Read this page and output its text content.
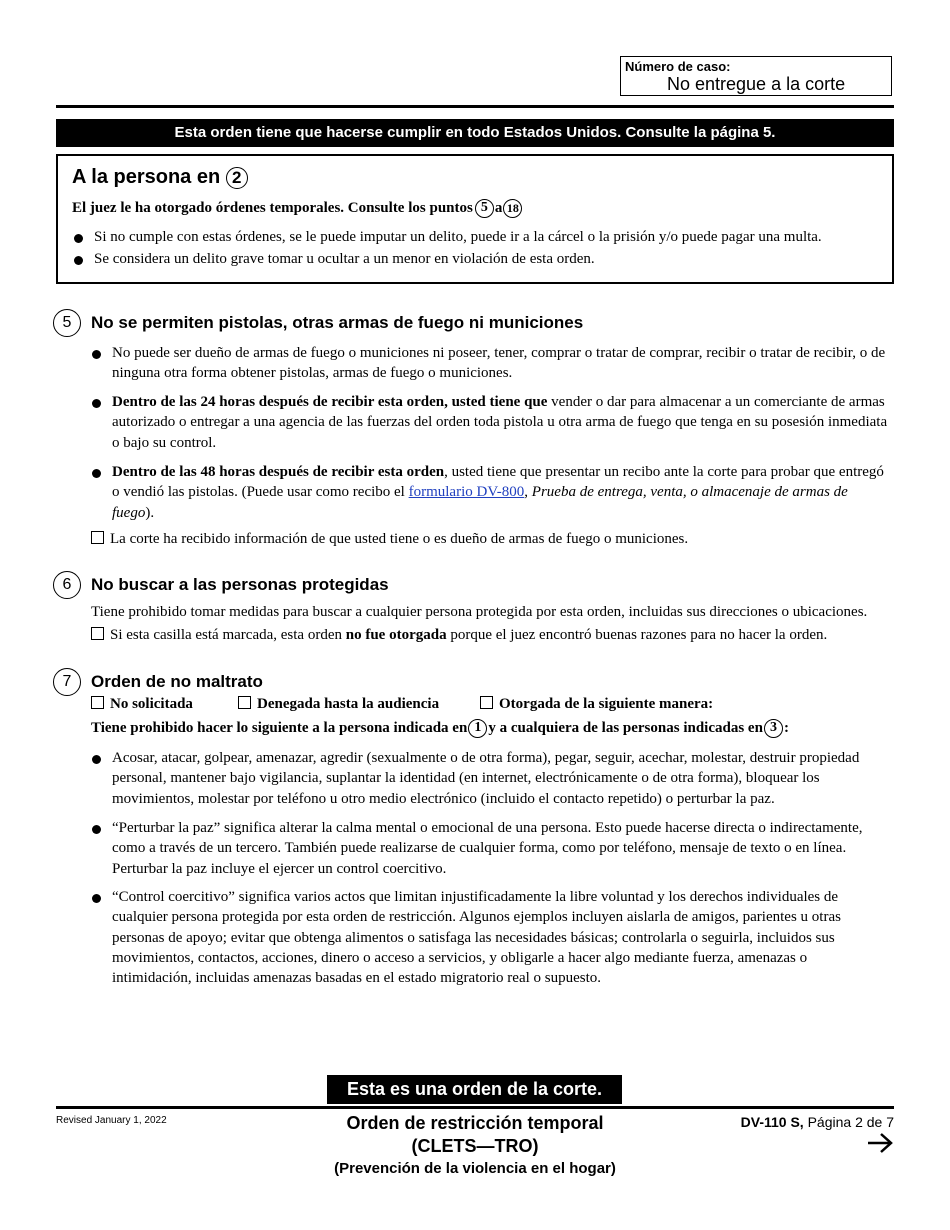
Número de caso:
No entregue a la corte
Esta orden tiene que hacerse cumplir en todo Estados Unidos. Consulte la página 5.
A la persona en 2
El juez le ha otorgado órdenes temporales. Consulte los puntos 5 a 18
Si no cumple con estas órdenes, se le puede imputar un delito, puede ir a la cárcel o la prisión y/o puede pagar una multa.
Se considera un delito grave tomar u ocultar a un menor en violación de esta orden.
5	No se permiten pistolas, otras armas de fuego ni municiones
No puede ser dueño de armas de fuego o municiones ni poseer, tener, comprar o tratar de comprar, recibir o tratar de recibir, o de ninguna otra forma obtener pistolas, armas de fuego o municiones.
Dentro de las 24 horas después de recibir esta orden, usted tiene que vender o dar para almacenar a un comerciante de armas autorizado o entregar a una agencia de las fuerzas del orden toda pistola u otra arma de fuego que tenga en su posesión inmediata o bajo su control.
Dentro de las 48 horas después de recibir esta orden, usted tiene que presentar un recibo ante la corte para probar que entregó o vendió las pistolas. (Puede usar como recibo el formulario DV-800, Prueba de entrega, venta, o almacenaje de armas de fuego).
La corte ha recibido información de que usted tiene o es dueño de armas de fuego o municiones.
6	No buscar a las personas protegidas
Tiene prohibido tomar medidas para buscar a cualquier persona protegida por esta orden, incluidas sus direcciones o ubicaciones.
Si esta casilla está marcada, esta orden no fue otorgada porque el juez encontró buenas razones para no hacer la orden.
7	Orden de no maltrato
No solicitada	Denegada hasta la audiencia	Otorgada de la siguiente manera:
Tiene prohibido hacer lo siguiente a la persona indicada en 1 y a cualquiera de las personas indicadas en 3 :
Acosar, atacar, golpear, amenazar, agredir (sexualmente o de otra forma), pegar, seguir, acechar, molestar, destruir propiedad personal, mantener bajo vigilancia, suplantar la identidad (en internet, electrónicamente o de otra forma), bloquear los movimientos, molestar por teléfono u otro medio electrónico (incluido el contacto repetido) o perturbar la paz.
“Perturbar la paz” significa alterar la calma mental o emocional de una persona. Esto puede hacerse directa o indirectamente, como a través de un tercero. También puede realizarse de cualquier forma, como por teléfono, mensaje de texto o en línea. Perturbar la paz incluye el ejercer un control coercitivo.
“Control coercitivo” significa varios actos que limitan injustificadamente la libre voluntad y los derechos individuales de cualquier persona protegida por esta orden de restricción. Algunos ejemplos incluyen aislarla de amigos, parientes u otras personas de apoyo; evitar que obtenga alimentos o satisfaga las necesidades básicas; controlarla o seguirla, incluidos sus movimientos, contactos, acciones, dinero o acceso a servicios, y obligarle a hacer algo mediante fuerza, amenazas o intimidación, incluidas amenazas basadas en el estado migratorio real o supuesto.
Esta es una orden de la corte.
Revised January 1, 2022	Orden de restricción temporal
(CLETS—TRO)
(Prevención de la violencia en el hogar)
DV-110 S, Página 2 de 7
